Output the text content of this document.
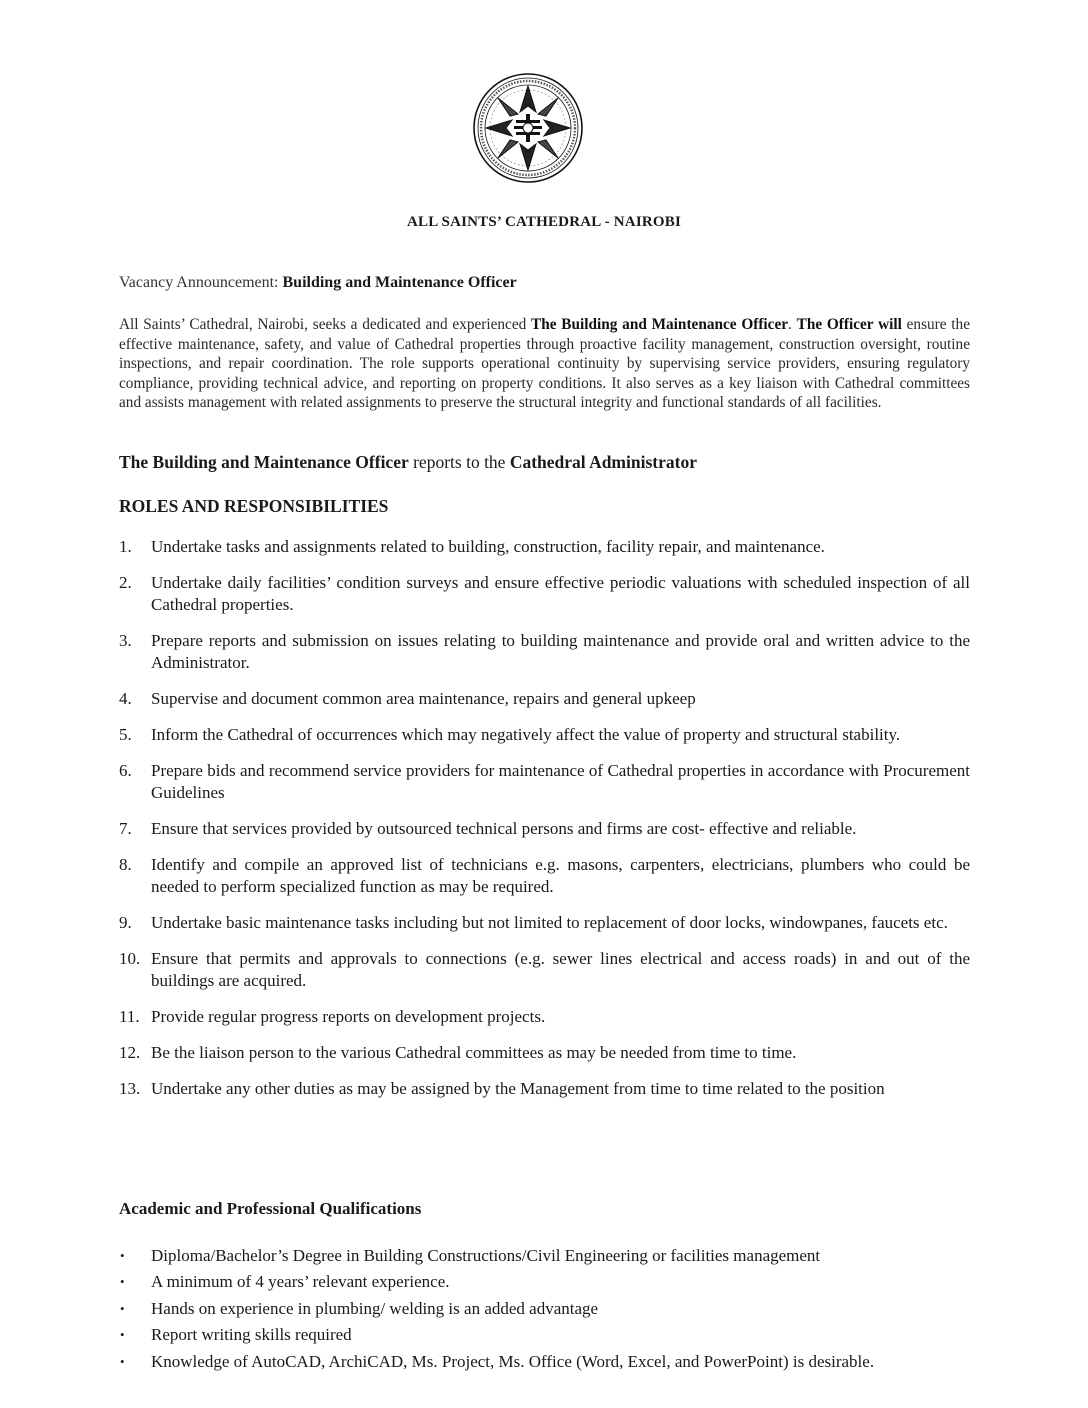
ALL SAINTS’ CATHEDRAL - NAIROBI
Vacancy Announcement: Building and Maintenance Officer
All Saints’ Cathedral, Nairobi, seeks a dedicated and experienced The Building and Maintenance Officer. The Officer will ensure the effective maintenance, safety, and value of Cathedral properties through proactive facility management, construction oversight, routine inspections, and repair coordination. The role supports operational continuity by supervising service providers, ensuring regulatory compliance, providing technical advice, and reporting on property conditions. It also serves as a key liaison with Cathedral committees and assists management with related assignments to preserve the structural integrity and functional standards of all facilities.
The Building and Maintenance Officer reports to the Cathedral Administrator
ROLES AND RESPONSIBILITIES
1. Undertake tasks and assignments related to building, construction, facility repair, and maintenance.
2. Undertake daily facilities’ condition surveys and ensure effective periodic valuations with scheduled inspection of all Cathedral properties.
3. Prepare reports and submission on issues relating to building maintenance and provide oral and written advice to the Administrator.
4. Supervise and document common area maintenance, repairs and general upkeep
5. Inform the Cathedral of occurrences which may negatively affect the value of property and structural stability.
6. Prepare bids and recommend service providers for maintenance of Cathedral properties in accordance with Procurement Guidelines
7. Ensure that services provided by outsourced technical persons and firms are cost- effective and reliable.
8. Identify and compile an approved list of technicians e.g. masons, carpenters, electricians, plumbers who could be needed to perform specialized function as may be required.
9. Undertake basic maintenance tasks including but not limited to replacement of door locks, windowpanes, faucets etc.
10. Ensure that permits and approvals to connections (e.g. sewer lines electrical and access roads) in and out of the buildings are acquired.
11. Provide regular progress reports on development projects.
12. Be the liaison person to the various Cathedral committees as may be needed from time to time.
13. Undertake any other duties as may be assigned by the Management from time to time related to the position
Academic and Professional Qualifications
• Diploma/Bachelor’s Degree in Building Constructions/Civil Engineering or facilities management
• A minimum of 4 years’ relevant experience.
• Hands on experience in plumbing/ welding is an added advantage
• Report writing skills required
• Knowledge of AutoCAD, ArchiCAD, Ms. Project, Ms. Office (Word, Excel, and PowerPoint) is desirable.
